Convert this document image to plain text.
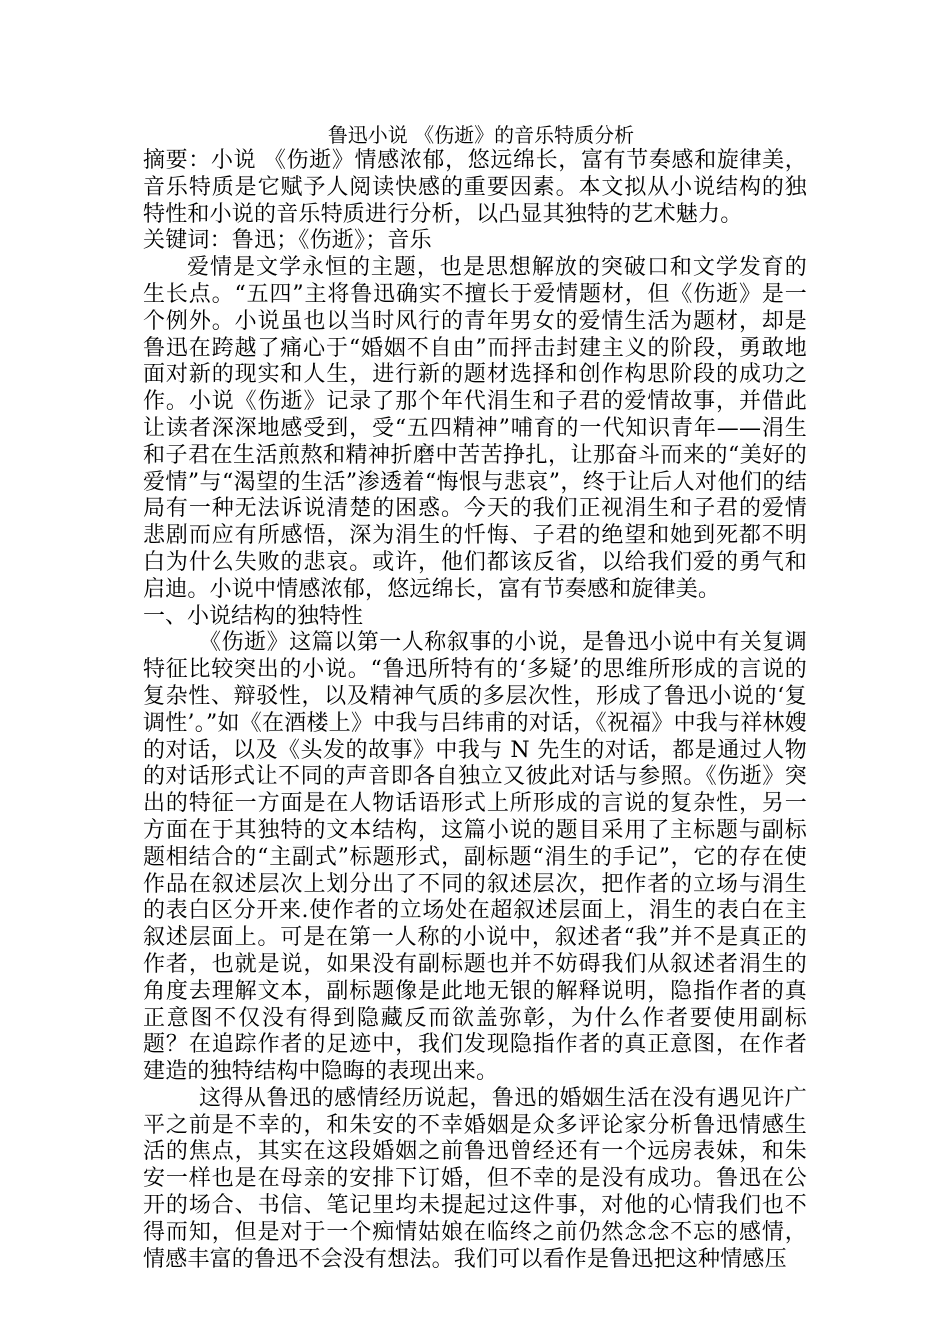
鲁迅小说 《伤逝》的音乐特质分析

摘要：小说 《伤逝》情感浓郁，悠远绵长，富有节奏感和旋律美，音乐特质是它赋予人阅读快感的重要因素。本文拟从小说结构的独特性和小说的音乐特质进行分析，以凸显其独特的艺术魅力。

关键词：鲁迅；《伤逝》；音乐

爱情是文学永恒的主题，也是思想解放的突破口和文学发育的生长点。“五四”主将鲁迅确实不擅长于爱情题材，但《伤逝》是一个例外。小说虽也以当时风行的青年男女的爱情生活为题材，却是鲁迅在跨越了痛心于“婚姻不自由”而抨击封建主义的阶段，勇敢地面对新的现实和人生，进行新的题材选择和创作构思阶段的成功之作。小说《伤逝》记录了那个年代涓生和子君的爱情故事，并借此让读者深深地感受到，受“五四精神”哺育的一代知识青年——涓生和子君在生活煎熬和精神折磨中苦苦挣扎，让那奋斗而来的“美好的爱情”与“渴望的生活”渗透着“悔恨与悲哀”，终于让后人对他们的结局有一种无法诉说清楚的困惑。今天的我们正视涓生和子君的爱情悲剧而应有所感悟，深为涓生的忏悔、子君的绝望和她到死都不明白为什么失败的悲哀。或许，他们都该反省，以给我们爱的勇气和启迪。小说中情感浓郁，悠远绵长，富有节奏感和旋律美。

一、小说结构的独特性

《伤逝》这篇以第一人称叙事的小说，是鲁迅小说中有关复调特征比较突出的小说。“鲁迅所特有的‘多疑’的思维所形成的言说的复杂性、辩驳性，以及精神气质的多层次性，形成了鲁迅小说的‘复调性’。”如《在酒楼上》中我与吕纬甫的对话，《祝福》中我与祥林嫂的对话，以及《头发的故事》中我与 N 先生的对话，都是通过人物的对话形式让不同的声音即各自独立又彼此对话与参照。《伤逝》突出的特征一方面是在人物话语形式上所形成的言说的复杂性，另一方面在于其独特的文本结构，这篇小说的题目采用了主标题与副标题相结合的“主副式”标题形式，副标题“涓生的手记”，它的存在使作品在叙述层次上划分出了不同的叙述层次，把作者的立场与涓生的表白区分开来.使作者的立场处在超叙述层面上，涓生的表白在主叙述层面上。可是在第一人称的小说中，叙述者“我”并不是真正的作者，也就是说，如果没有副标题也并不妨碍我们从叙述者涓生的角度去理解文本，副标题像是此地无银的解释说明，隐指作者的真正意图不仅没有得到隐藏反而欲盖弥彰，为什么作者要使用副标题？在追踪作者的足迹中，我们发现隐指作者的真正意图，在作者建造的独特结构中隐晦的表现出来。

这得从鲁迅的感情经历说起，鲁迅的婚姻生活在没有遇见许广平之前是不幸的，和朱安的不幸婚姻是众多评论家分析鲁迅情感生活的焦点，其实在这段婚姻之前鲁迅曾经还有一个远房表妹，和朱安一样也是在母亲的安排下订婚，但不幸的是没有成功。鲁迅在公开的场合、书信、笔记里均未提起过这件事，对他的心情我们也不得而知，但是对于一个痴情姑娘在临终之前仍然念念不忘的感情，情感丰富的鲁迅不会没有想法。我们可以看作是鲁迅把这种情感压
